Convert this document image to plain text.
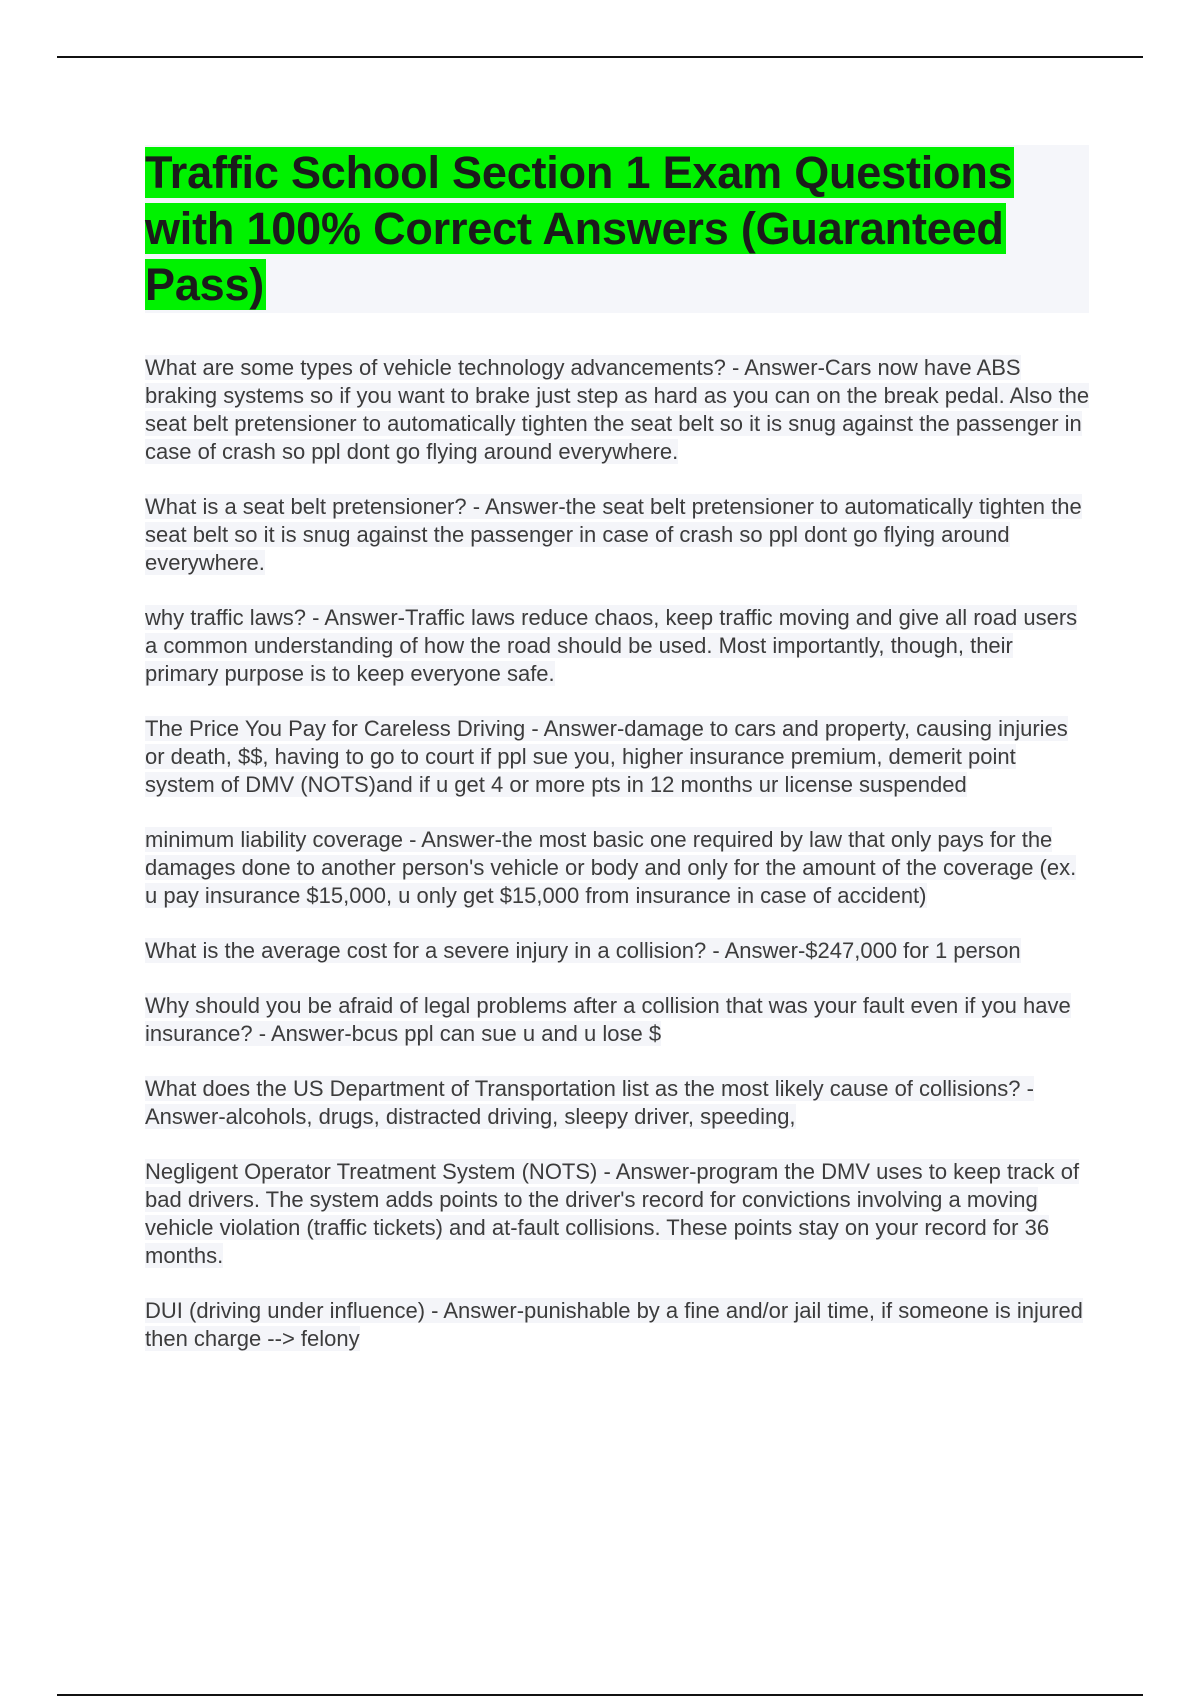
Traffic School Section 1 Exam Questions with 100% Correct Answers (Guaranteed Pass)
What are some types of vehicle technology advancements? - Answer-Cars now have ABS braking systems so if you want to brake just step as hard as you can on the break pedal. Also the seat belt pretensioner to automatically tighten the seat belt so it is snug against the passenger in case of crash so ppl dont go flying around everywhere.
What is a seat belt pretensioner? - Answer-the seat belt pretensioner to automatically tighten the seat belt so it is snug against the passenger in case of crash so ppl dont go flying around everywhere.
why traffic laws? - Answer-Traffic laws reduce chaos, keep traffic moving and give all road users a common understanding of how the road should be used. Most importantly, though, their primary purpose is to keep everyone safe.
The Price You Pay for Careless Driving - Answer-damage to cars and property, causing injuries or death, $$, having to go to court if ppl sue you, higher insurance premium, demerit point system of DMV (NOTS)and if u get 4 or more pts in 12 months ur license suspended
minimum liability coverage - Answer-the most basic one required by law that only pays for the damages done to another person's vehicle or body and only for the amount of the coverage (ex. u pay insurance $15,000, u only get $15,000 from insurance in case of accident)
What is the average cost for a severe injury in a collision? - Answer-$247,000 for 1 person
Why should you be afraid of legal problems after a collision that was your fault even if you have insurance? - Answer-bcus ppl can sue u and u lose $
What does the US Department of Transportation list as the most likely cause of collisions? - Answer-alcohols, drugs, distracted driving, sleepy driver, speeding,
Negligent Operator Treatment System (NOTS) - Answer-program the DMV uses to keep track of bad drivers. The system adds points to the driver's record for convictions involving a moving vehicle violation (traffic tickets) and at-fault collisions. These points stay on your record for 36 months.
DUI (driving under influence) - Answer-punishable by a fine and/or jail time, if someone is injured then charge --> felony
